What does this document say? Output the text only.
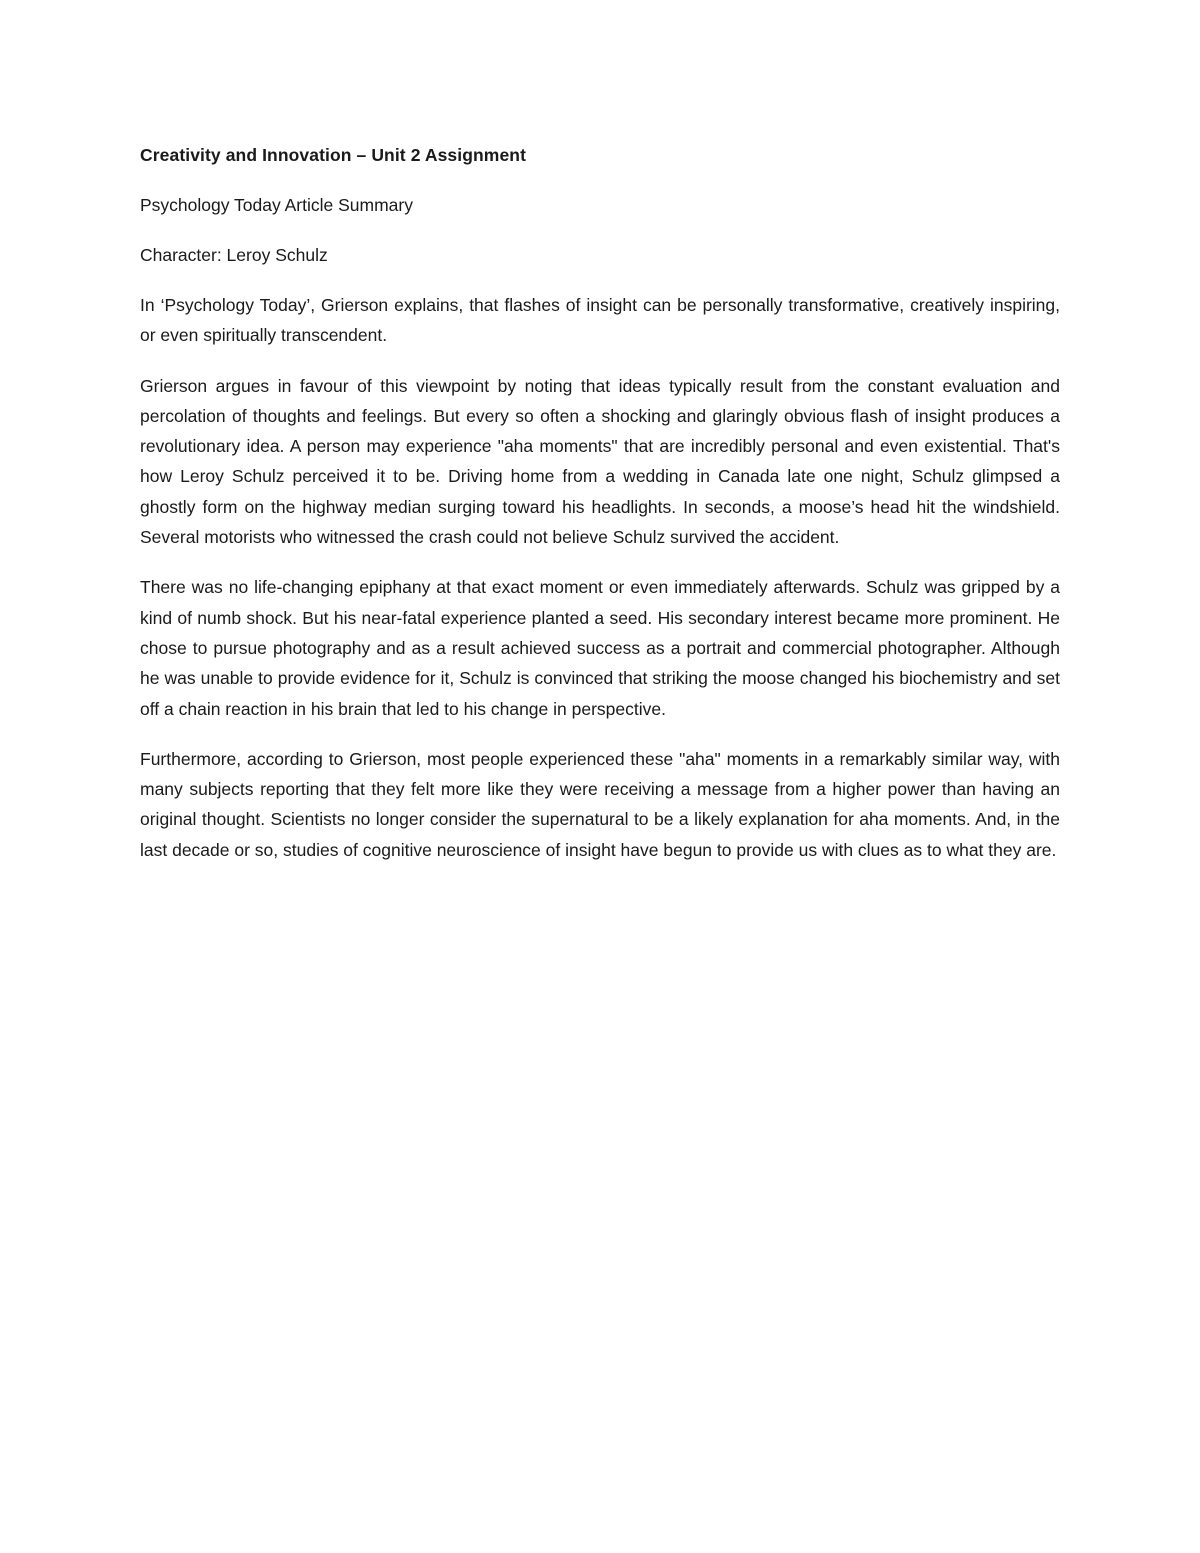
Creativity and Innovation – Unit 2 Assignment
Psychology Today Article Summary
Character: Leroy Schulz

In ‘Psychology Today’, Grierson explains, that flashes of insight can be personally transformative, creatively inspiring, or even spiritually transcendent.

Grierson argues in favour of this viewpoint by noting that ideas typically result from the constant evaluation and percolation of thoughts and feelings. But every so often a shocking and glaringly obvious flash of insight produces a revolutionary idea. A person may experience "aha moments" that are incredibly personal and even existential. That's how Leroy Schulz perceived it to be. Driving home from a wedding in Canada late one night, Schulz glimpsed a ghostly form on the highway median surging toward his headlights. In seconds, a moose’s head hit the windshield. Several motorists who witnessed the crash could not believe Schulz survived the accident.

There was no life-changing epiphany at that exact moment or even immediately afterwards. Schulz was gripped by a kind of numb shock. But his near-fatal experience planted a seed. His secondary interest became more prominent. He chose to pursue photography and as a result achieved success as a portrait and commercial photographer. Although he was unable to provide evidence for it, Schulz is convinced that striking the moose changed his biochemistry and set off a chain reaction in his brain that led to his change in perspective.

Furthermore, according to Grierson, most people experienced these "aha" moments in a remarkably similar way, with many subjects reporting that they felt more like they were receiving a message from a higher power than having an original thought. Scientists no longer consider the supernatural to be a likely explanation for aha moments. And, in the last decade or so, studies of cognitive neuroscience of insight have begun to provide us with clues as to what they are.
